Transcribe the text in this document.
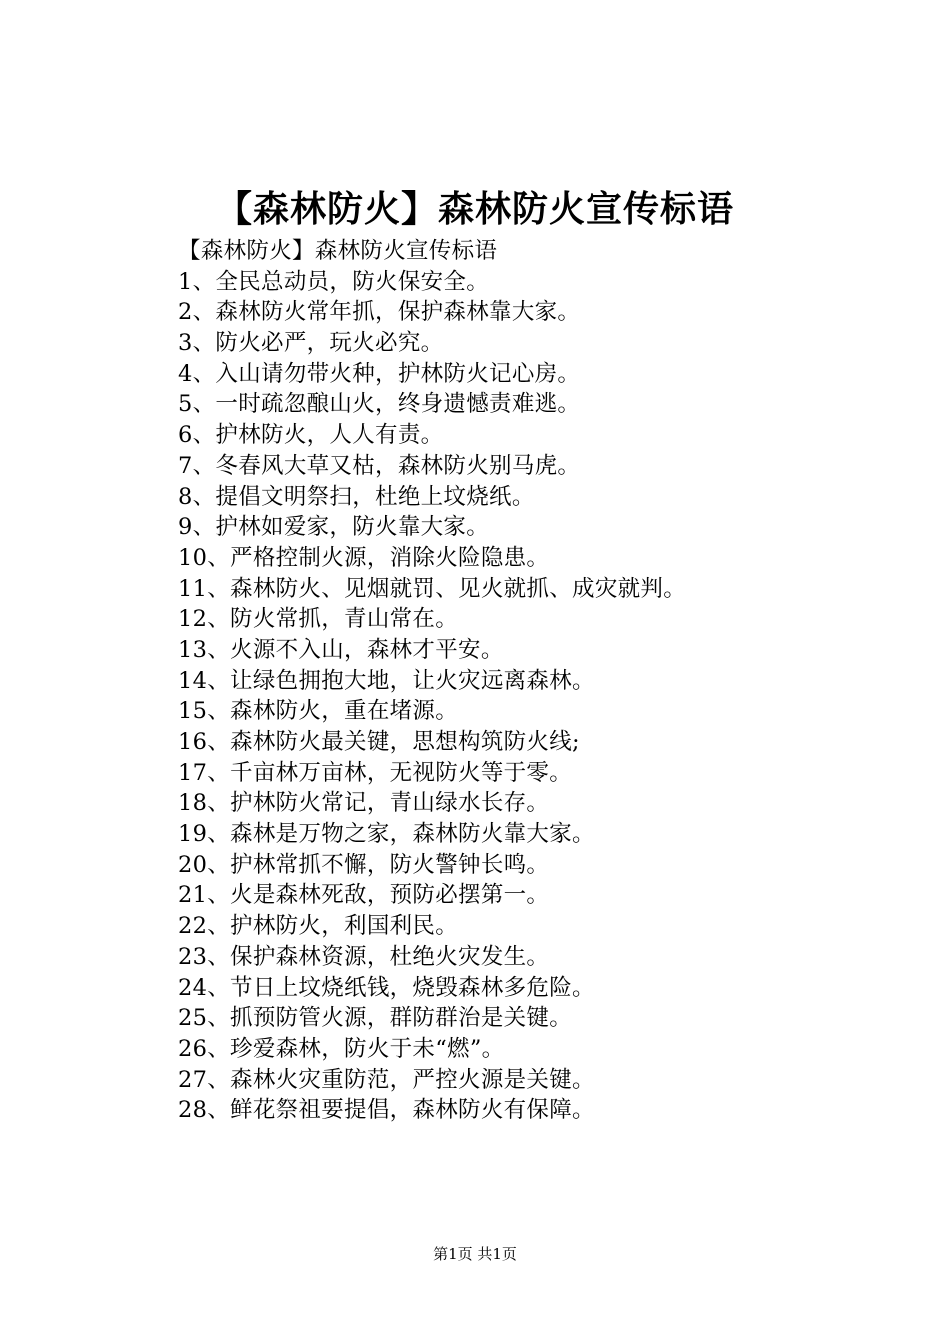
【森林防火】森林防火宣传标语
【森林防火】森林防火宣传标语
1、全民总动员，防火保安全。
2、森林防火常年抓，保护森林靠大家。
3、防火必严，玩火必究。
4、入山请勿带火种，护林防火记心房。
5、一时疏忽酿山火，终身遗憾责难逃。
6、护林防火，人人有责。
7、冬春风大草又枯，森林防火别马虎。
8、提倡文明祭扫，杜绝上坟烧纸。
9、护林如爱家，防火靠大家。
10、严格控制火源，消除火险隐患。
11、森林防火、见烟就罚、见火就抓、成灾就判。
12、防火常抓，青山常在。
13、火源不入山，森林才平安。
14、让绿色拥抱大地，让火灾远离森林。
15、森林防火，重在堵源。
16、森林防火最关键，思想构筑防火线;
17、千亩林万亩林，无视防火等于零。
18、护林防火常记，青山绿水长存。
19、森林是万物之家，森林防火靠大家。
20、护林常抓不懈，防火警钟长鸣。
21、火是森林死敌，预防必摆第一。
22、护林防火，利国利民。
23、保护森林资源，杜绝火灾发生。
24、节日上坟烧纸钱，烧毁森林多危险。
25、抓预防管火源，群防群治是关键。
26、珍爱森林，防火于未“燃”。
27、森林火灾重防范，严控火源是关键。
28、鲜花祭祖要提倡，森林防火有保障。
第1页 共1页
